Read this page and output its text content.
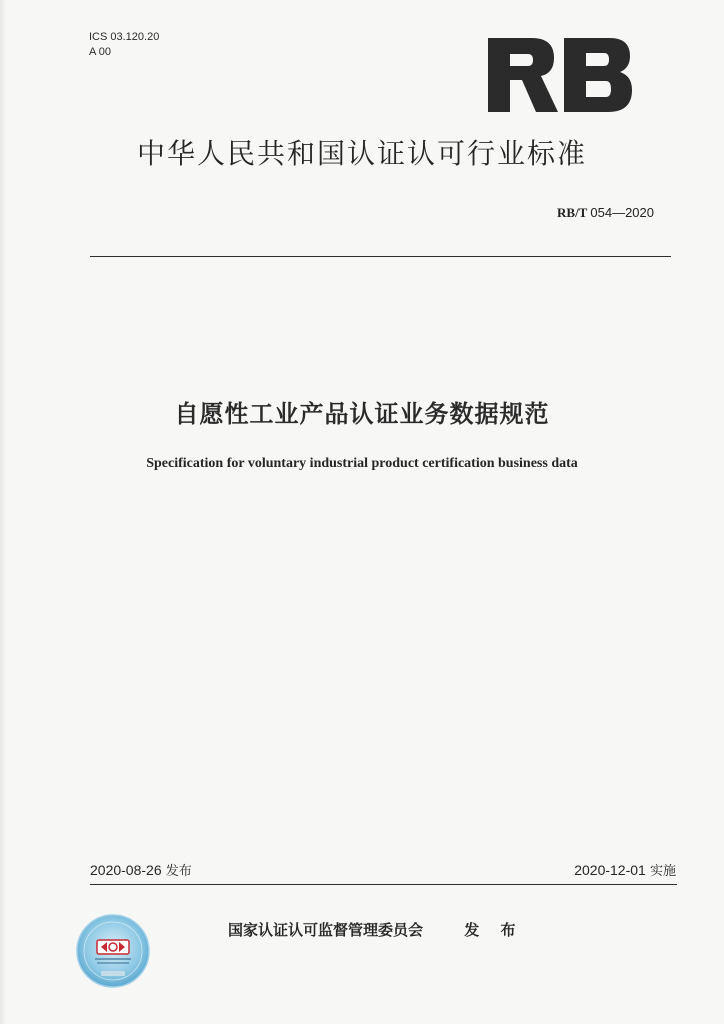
ICS 03.120.20
A 00
中华人民共和国认证认可行业标准
RB/T 054—2020
自愿性工业产品认证业务数据规范
Specification for voluntary industrial product certification business data
2020-08-26 发布	2020-12-01 实施
国家认证认可监督管理委员会	发 布
